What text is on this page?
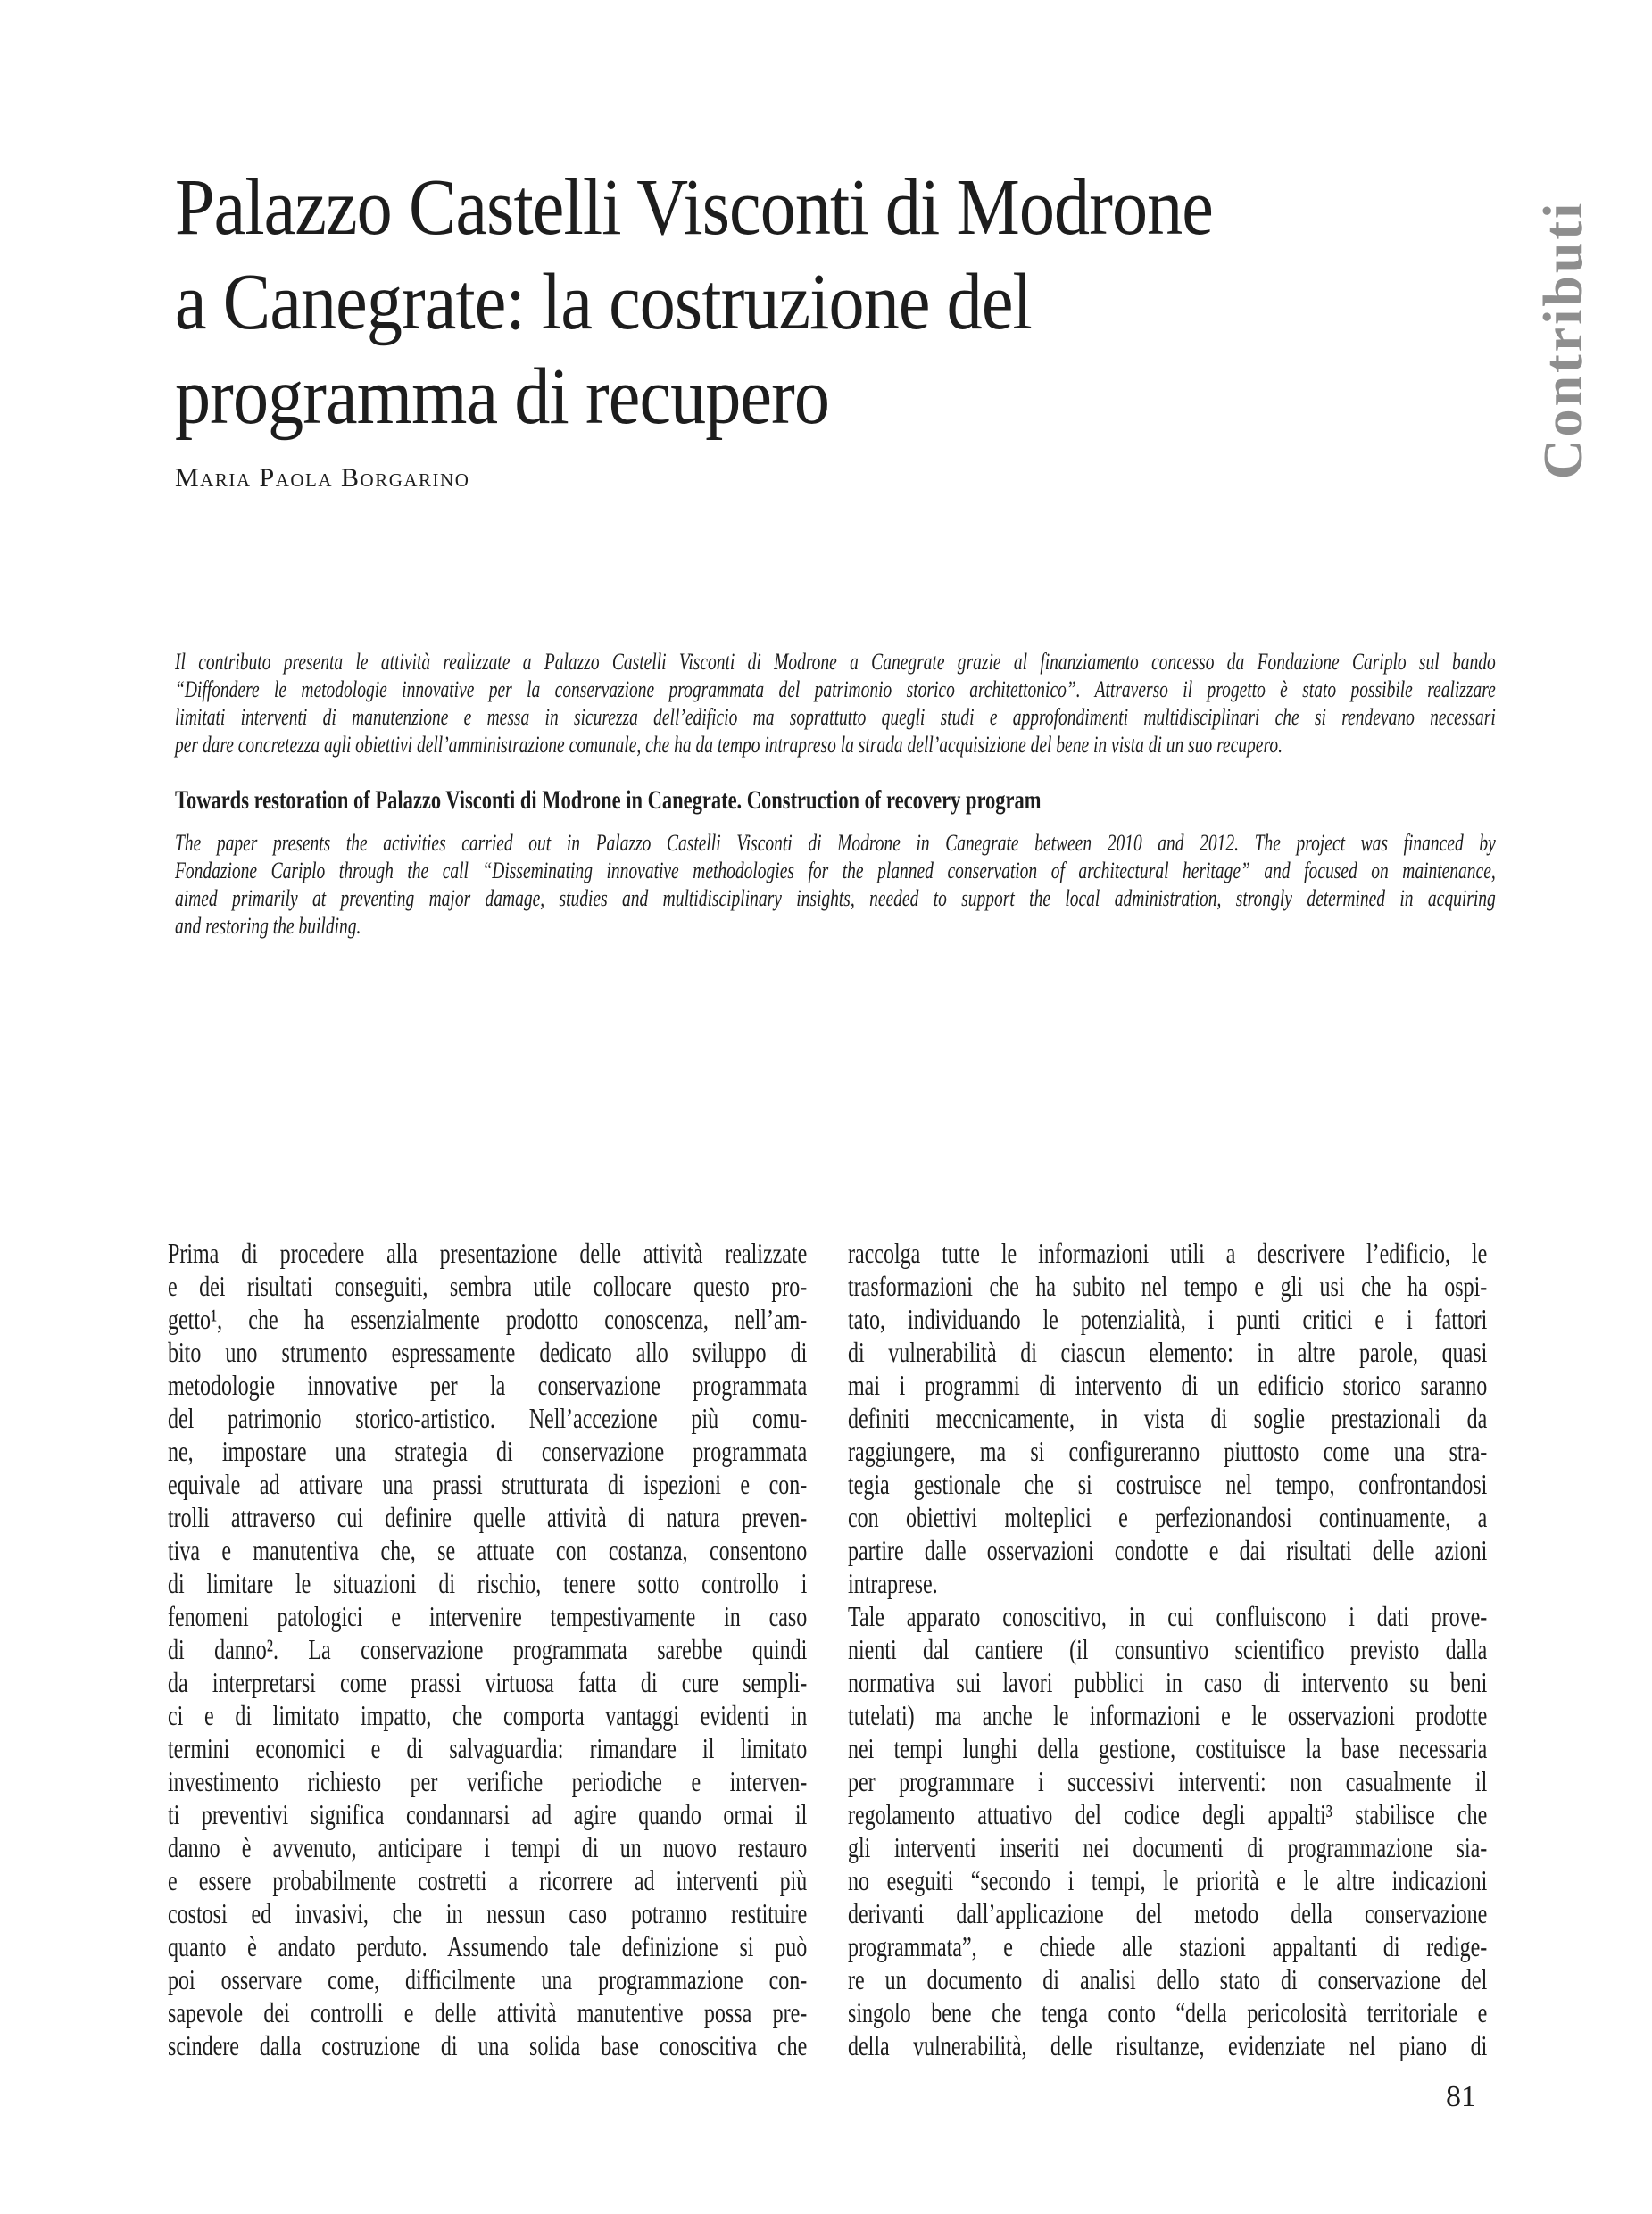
Contributi
Palazzo Castelli Visconti di Modrone
a Canegrate: la costruzione del
programma di recupero
Maria Paola Borgarino
Il contributo presenta le attività realizzate a Palazzo Castelli Visconti di Modrone a Canegrate grazie al finanziamento concesso da Fondazione Cariplo sul bando
“Diffondere le metodologie innovative per la conservazione programmata del patrimonio storico architettonico”. Attraverso il progetto è stato possibile realizzare
limitati interventi di manutenzione e messa in sicurezza dell’edificio ma soprattutto quegli studi e approfondimenti multidisciplinari che si rendevano necessari
per dare concretezza agli obiettivi dell’amministrazione comunale, che ha da tempo intrapreso la strada dell’acquisizione del bene in vista di un suo recupero.
Towards restoration of Palazzo Visconti di Modrone in Canegrate. Construction of recovery program
The paper presents the activities carried out in Palazzo Castelli Visconti di Modrone in Canegrate between 2010 and 2012. The project was financed by
Fondazione Cariplo through the call “Disseminating innovative methodologies for the planned conservation of architectural heritage” and focused on maintenance,
aimed primarily at preventing major damage, studies and multidisciplinary insights, needed to support the local administration, strongly determined in acquiring
and restoring the building.
Prima di procedere alla presentazione delle attività realizzate
e dei risultati conseguiti, sembra utile collocare questo pro-
getto¹, che ha essenzialmente prodotto conoscenza, nell’am-
bito uno strumento espressamente dedicato allo sviluppo di
metodologie innovative per la conservazione programmata
del patrimonio storico-artistico. Nell’accezione più comu-
ne, impostare una strategia di conservazione programmata
equivale ad attivare una prassi strutturata di ispezioni e con-
trolli attraverso cui definire quelle attività di natura preven-
tiva e manutentiva che, se attuate con costanza, consentono
di limitare le situazioni di rischio, tenere sotto controllo i
fenomeni patologici e intervenire tempestivamente in caso
di danno². La conservazione programmata sarebbe quindi
da interpretarsi come prassi virtuosa fatta di cure sempli-
ci e di limitato impatto, che comporta vantaggi evidenti in
termini economici e di salvaguardia: rimandare il limitato
investimento richiesto per verifiche periodiche e interven-
ti preventivi significa condannarsi ad agire quando ormai il
danno è avvenuto, anticipare i tempi di un nuovo restauro
e essere probabilmente costretti a ricorrere ad interventi più
costosi ed invasivi, che in nessun caso potranno restituire
quanto è andato perduto. Assumendo tale definizione si può
poi osservare come, difficilmente una programmazione con-
sapevole dei controlli e delle attività manutentive possa pre-
scindere dalla costruzione di una solida base conoscitiva che
raccolga tutte le informazioni utili a descrivere l’edificio, le
trasformazioni che ha subito nel tempo e gli usi che ha ospi-
tato, individuando le potenzialità, i punti critici e i fattori
di vulnerabilità di ciascun elemento: in altre parole, quasi
mai i programmi di intervento di un edificio storico saranno
definiti meccnicamente, in vista di soglie prestazionali da
raggiungere, ma si configureranno piuttosto come una stra-
tegia gestionale che si costruisce nel tempo, confrontandosi
con obiettivi molteplici e perfezionandosi continuamente, a
partire dalle osservazioni condotte e dai risultati delle azioni
intraprese.
Tale apparato conoscitivo, in cui confluiscono i dati prove-
nienti dal cantiere (il consuntivo scientifico previsto dalla
normativa sui lavori pubblici in caso di intervento su beni
tutelati) ma anche le informazioni e le osservazioni prodotte
nei tempi lunghi della gestione, costituisce la base necessaria
per programmare i successivi interventi: non casualmente il
regolamento attuativo del codice degli appalti³ stabilisce che
gli interventi inseriti nei documenti di programmazione sia-
no eseguiti “secondo i tempi, le priorità e le altre indicazioni
derivanti dall’applicazione del metodo della conservazione
programmata”, e chiede alle stazioni appaltanti di redige-
re un documento di analisi dello stato di conservazione del
singolo bene che tenga conto “della pericolosità territoriale e
della vulnerabilità, delle risultanze, evidenziate nel piano di
81
